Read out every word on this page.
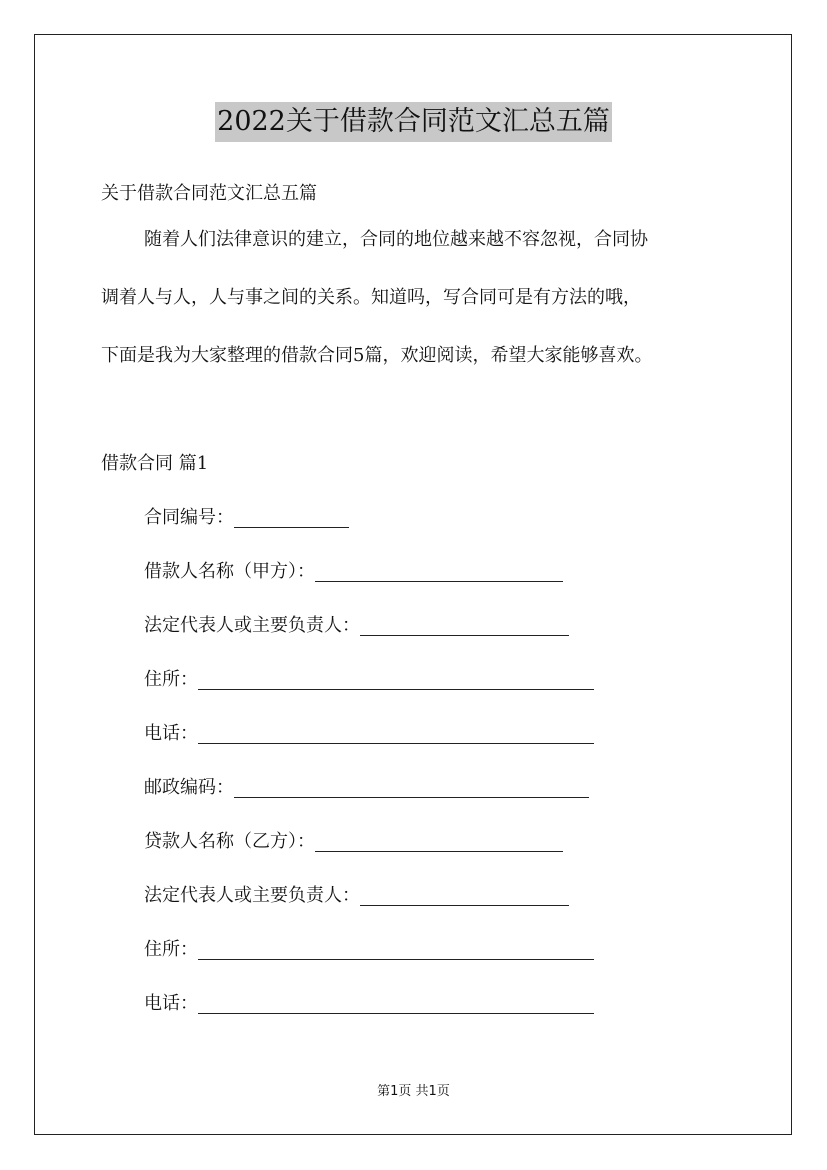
2022关于借款合同范文汇总五篇
关于借款合同范文汇总五篇
随着人们法律意识的建立，合同的地位越来越不容忽视，合同协
调着人与人，人与事之间的关系。知道吗，写合同可是有方法的哦，
下面是我为大家整理的借款合同5篇，欢迎阅读，希望大家能够喜欢。
借款合同 篇1
合同编号：
借款人名称（甲方）：
法定代表人或主要负责人：
住所：
电话：
邮政编码：
贷款人名称（乙方）：
法定代表人或主要负责人：
住所：
电话：
第1页 共1页
